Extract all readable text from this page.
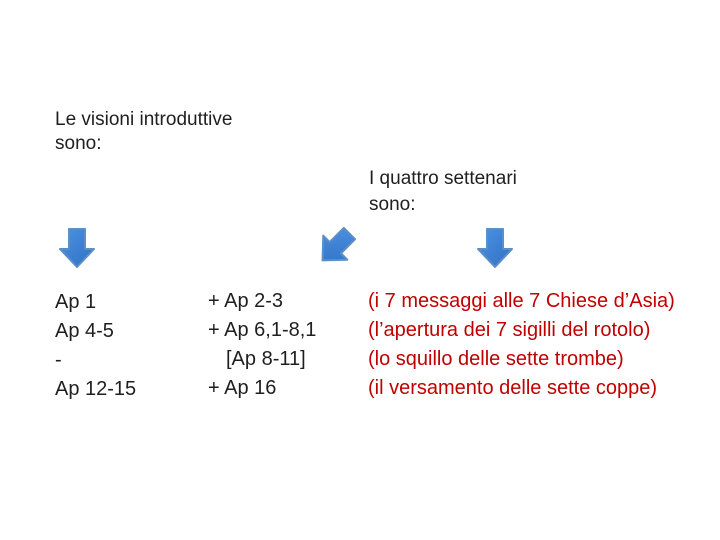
Le visioni introduttive
sono:
I quattro settenari
sono:
Ap 1
Ap 4-5
-
Ap 12-15
+ Ap 2-3
+ Ap 6,1-8,1
[Ap 8-11]
+ Ap 16
(i 7 messaggi alle 7 Chiese d’Asia)
(l’apertura dei 7 sigilli del rotolo)
(lo squillo delle sette trombe)
(il versamento delle sette coppe)
